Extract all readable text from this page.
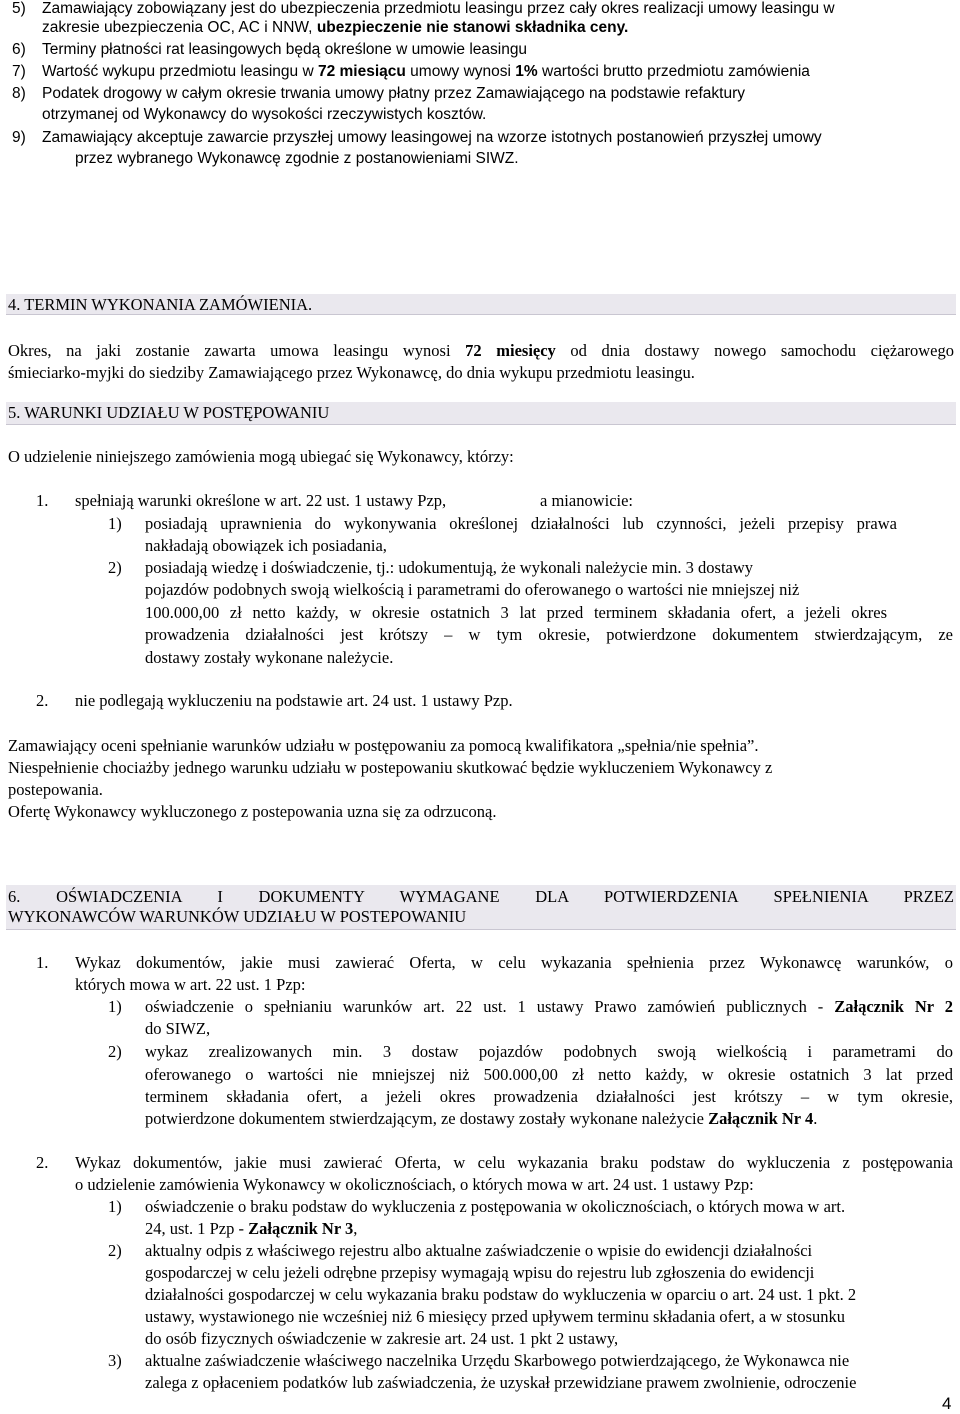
5) Zamawiający zobowiązany jest do ubezpieczenia przedmiotu leasingu przez cały okres realizacji umowy leasingu w
zakresie ubezpieczenia OC, AC i NNW, ubezpieczenie nie stanowi składnika ceny.
6) Terminy płatności rat leasingowych będą określone w umowie leasingu
7) Wartość wykupu przedmiotu leasingu w 72 miesiącu umowy wynosi 1% wartości brutto przedmiotu zamówienia
8) Podatek drogowy w całym okresie trwania umowy płatny przez Zamawiającego na podstawie refaktury
otrzymanej od Wykonawcy do wysokości rzeczywistych kosztów.
9) Zamawiający akceptuje zawarcie przyszłej umowy leasingowej na wzorze istotnych postanowień przyszłej umowy
przez wybranego Wykonawcę zgodnie z postanowieniami SIWZ.
4. TERMIN WYKONANIA ZAMÓWIENIA.
Okres, na jaki zostanie zawarta umowa leasingu wynosi 72 miesięcy od dnia dostawy nowego samochodu ciężarowego
śmieciarko-myjki do siedziby Zamawiającego przez Wykonawcę, do dnia wykupu przedmiotu leasingu.
5. WARUNKI UDZIAŁU W POSTĘPOWANIU
O udzielenie niniejszego zamówienia mogą ubiegać się Wykonawcy, którzy:
1. spełniają warunki określone w art. 22 ust. 1 ustawy Pzp,	a mianowicie:
1) posiadają uprawnienia do wykonywania określonej działalności lub czynności, jeżeli przepisy prawa
nakładają obowiązek ich posiadania,
2) posiadają wiedzę i doświadczenie, tj.: udokumentują, że wykonali należycie min. 3 dostawy
pojazdów podobnych swoją wielkością i parametrami do oferowanego o wartości nie mniejszej niż
100.000,00 zł netto każdy, w okresie ostatnich 3 lat przed terminem składania ofert, a jeżeli okres
prowadzenia działalności jest krótszy – w tym okresie, potwierdzone dokumentem stwierdzającym, ze
dostawy zostały wykonane należycie.
2. nie podlegają wykluczeniu na podstawie art. 24 ust. 1 ustawy Pzp.
Zamawiający oceni spełnianie warunków udziału w postępowaniu za pomocą kwalifikatora „spełnia/nie spełnia”.
Niespełnienie chociażby jednego warunku udziału w postepowaniu skutkować będzie wykluczeniem Wykonawcy z
postepowania.
Ofertę Wykonawcy wykluczonego z postepowania uzna się za odrzuconą.
6. OŚWIADCZENIA I DOKUMENTY WYMAGANE DLA POTWIERDZENIA SPEŁNIENIA PRZEZ
WYKONAWCÓW WARUNKÓW UDZIAŁU W POSTEPOWANIU
1. Wykaz dokumentów, jakie musi zawierać Oferta, w celu wykazania spełnienia przez Wykonawcę warunków, o
których mowa w art. 22 ust. 1 Pzp:
1) oświadczenie o spełnianiu warunków art. 22 ust. 1 ustawy Prawo zamówień publicznych - Załącznik Nr 2
do SIWZ,
2) wykaz zrealizowanych min. 3 dostaw pojazdów podobnych swoją wielkością i parametrami do
oferowanego o wartości nie mniejszej niż 500.000,00 zł netto każdy, w okresie ostatnich 3 lat przed
terminem składania ofert, a jeżeli okres prowadzenia działalności jest krótszy – w tym okresie,
potwierdzone dokumentem stwierdzającym, ze dostawy zostały wykonane należycie Załącznik Nr 4.
2. Wykaz dokumentów, jakie musi zawierać Oferta, w celu wykazania braku podstaw do wykluczenia z postępowania
o udzielenie zamówienia Wykonawcy w okolicznościach, o których mowa w art. 24 ust. 1 ustawy Pzp:
1) oświadczenie o braku podstaw do wykluczenia z postępowania w okolicznościach, o których mowa w art.
24, ust. 1 Pzp - Załącznik Nr 3,
2) aktualny odpis z właściwego rejestru albo aktualne zaświadczenie o wpisie do ewidencji działalności
gospodarczej w celu jeżeli odrębne przepisy wymagają wpisu do rejestru lub zgłoszenia do ewidencji
działalności gospodarczej w celu wykazania braku podstaw do wykluczenia w oparciu o art. 24 ust. 1 pkt. 2
ustawy, wystawionego nie wcześniej niż 6 miesięcy przed upływem terminu składania ofert, a w stosunku
do osób fizycznych oświadczenie w zakresie art. 24 ust. 1 pkt 2 ustawy,
3) aktualne zaświadczenie właściwego naczelnika Urzędu Skarbowego potwierdzającego, że Wykonawca nie
zalega z opłaceniem podatków lub zaświadczenia, że uzyskał przewidziane prawem zwolnienie, odroczenie
4
